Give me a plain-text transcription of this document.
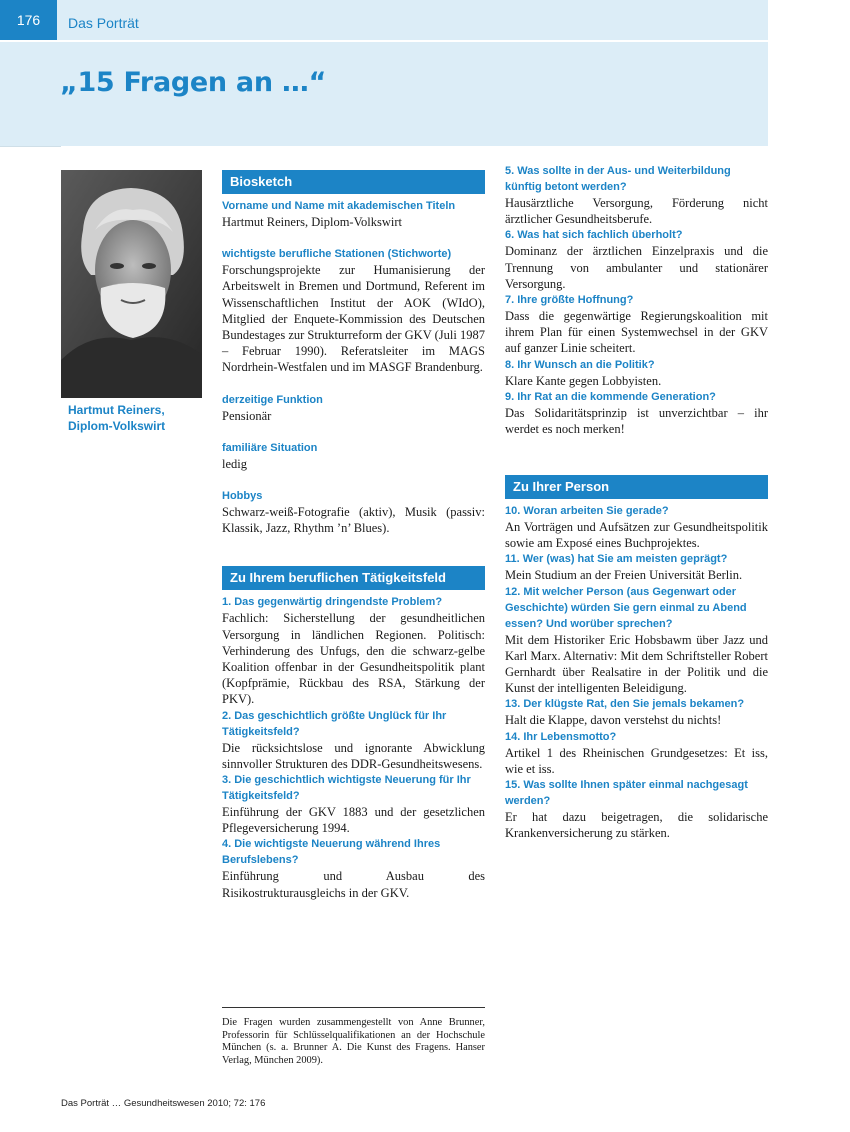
176	Das Porträt
„15 Fragen an …“
Hartmut Reiners,
Diplom-Volkswirt
Biosketch
Vorname und Name mit akademischen Titeln
Hartmut Reiners, Diplom-Volkswirt
wichtigste berufliche Stationen (Stichworte)
Forschungsprojekte zur Humanisierung der Arbeitswelt in Bremen und Dortmund, Referent im Wissenschaftlichen Institut der AOK (WIdO), Mitglied der Enquete-Kommission des Deutschen Bundestages zur Strukturreform der GKV (Juli 1987 – Februar 1990). Referatsleiter im MAGS Nordrhein-Westfalen und im MASGF Brandenburg.
derzeitige Funktion
Pensionär
familiäre Situation
ledig
Hobbys
Schwarz-weiß-Fotografie (aktiv), Musik (passiv: Klassik, Jazz, Rhythm ’n’ Blues).
Zu Ihrem beruflichen Tätigkeitsfeld
1. Das gegenwärtig dringendste Problem?
Fachlich: Sicherstellung der gesundheitlichen Versorgung in ländlichen Regionen. Politisch: Verhinderung des Unfugs, den die schwarz-gelbe Koalition offenbar in der Gesundheitspolitik plant (Kopfprämie, Rückbau des RSA, Stärkung der PKV).
2. Das geschichtlich größte Unglück für Ihr Tätigkeitsfeld?
Die rücksichtslose und ignorante Abwicklung sinnvoller Strukturen des DDR-Gesundheitswesens.
3. Die geschichtlich wichtigste Neuerung für Ihr Tätigkeitsfeld?
Einführung der GKV 1883 und der gesetzlichen Pflegeversicherung 1994.
4. Die wichtigste Neuerung während Ihres Berufslebens?
Einführung und Ausbau des Risikostrukturausgleichs in der GKV.
5. Was sollte in der Aus- und Weiterbildung künftig betont werden?
Hausärztliche Versorgung, Förderung nicht ärztlicher Gesundheitsberufe.
6. Was hat sich fachlich überholt?
Dominanz der ärztlichen Einzelpraxis und die Trennung von ambulanter und stationärer Versorgung.
7. Ihre größte Hoffnung?
Dass die gegenwärtige Regierungskoalition mit ihrem Plan für einen Systemwechsel in der GKV auf ganzer Linie scheitert.
8. Ihr Wunsch an die Politik?
Klare Kante gegen Lobbyisten.
9. Ihr Rat an die kommende Generation?
Das Solidaritätsprinzip ist unverzichtbar – ihr werdet es noch merken!
Zu Ihrer Person
10. Woran arbeiten Sie gerade?
An Vorträgen und Aufsätzen zur Gesundheitspolitik sowie am Exposé eines Buchprojektes.
11. Wer (was) hat Sie am meisten geprägt?
Mein Studium an der Freien Universität Berlin.
12. Mit welcher Person (aus Gegenwart oder Geschichte) würden Sie gern einmal zu Abend essen? Und worüber sprechen?
Mit dem Historiker Eric Hobsbawm über Jazz und Karl Marx. Alternativ: Mit dem Schriftsteller Robert Gernhardt über Realsatire in der Politik und die Kunst der intelligenten Beleidigung.
13. Der klügste Rat, den Sie jemals bekamen?
Halt die Klappe, davon verstehst du nichts!
14. Ihr Lebensmotto?
Artikel 1 des Rheinischen Grundgesetzes: Et iss, wie et iss.
15. Was sollte Ihnen später einmal nachgesagt werden?
Er hat dazu beigetragen, die solidarische Krankenversicherung zu stärken.
Die Fragen wurden zusammengestellt von Anne Brunner, Professorin für Schlüsselqualifikationen an der Hochschule München (s. a. Brunner A. Die Kunst des Fragens. Hanser Verlag, München 2009).
Das Porträt … Gesundheitswesen 2010; 72: 176
